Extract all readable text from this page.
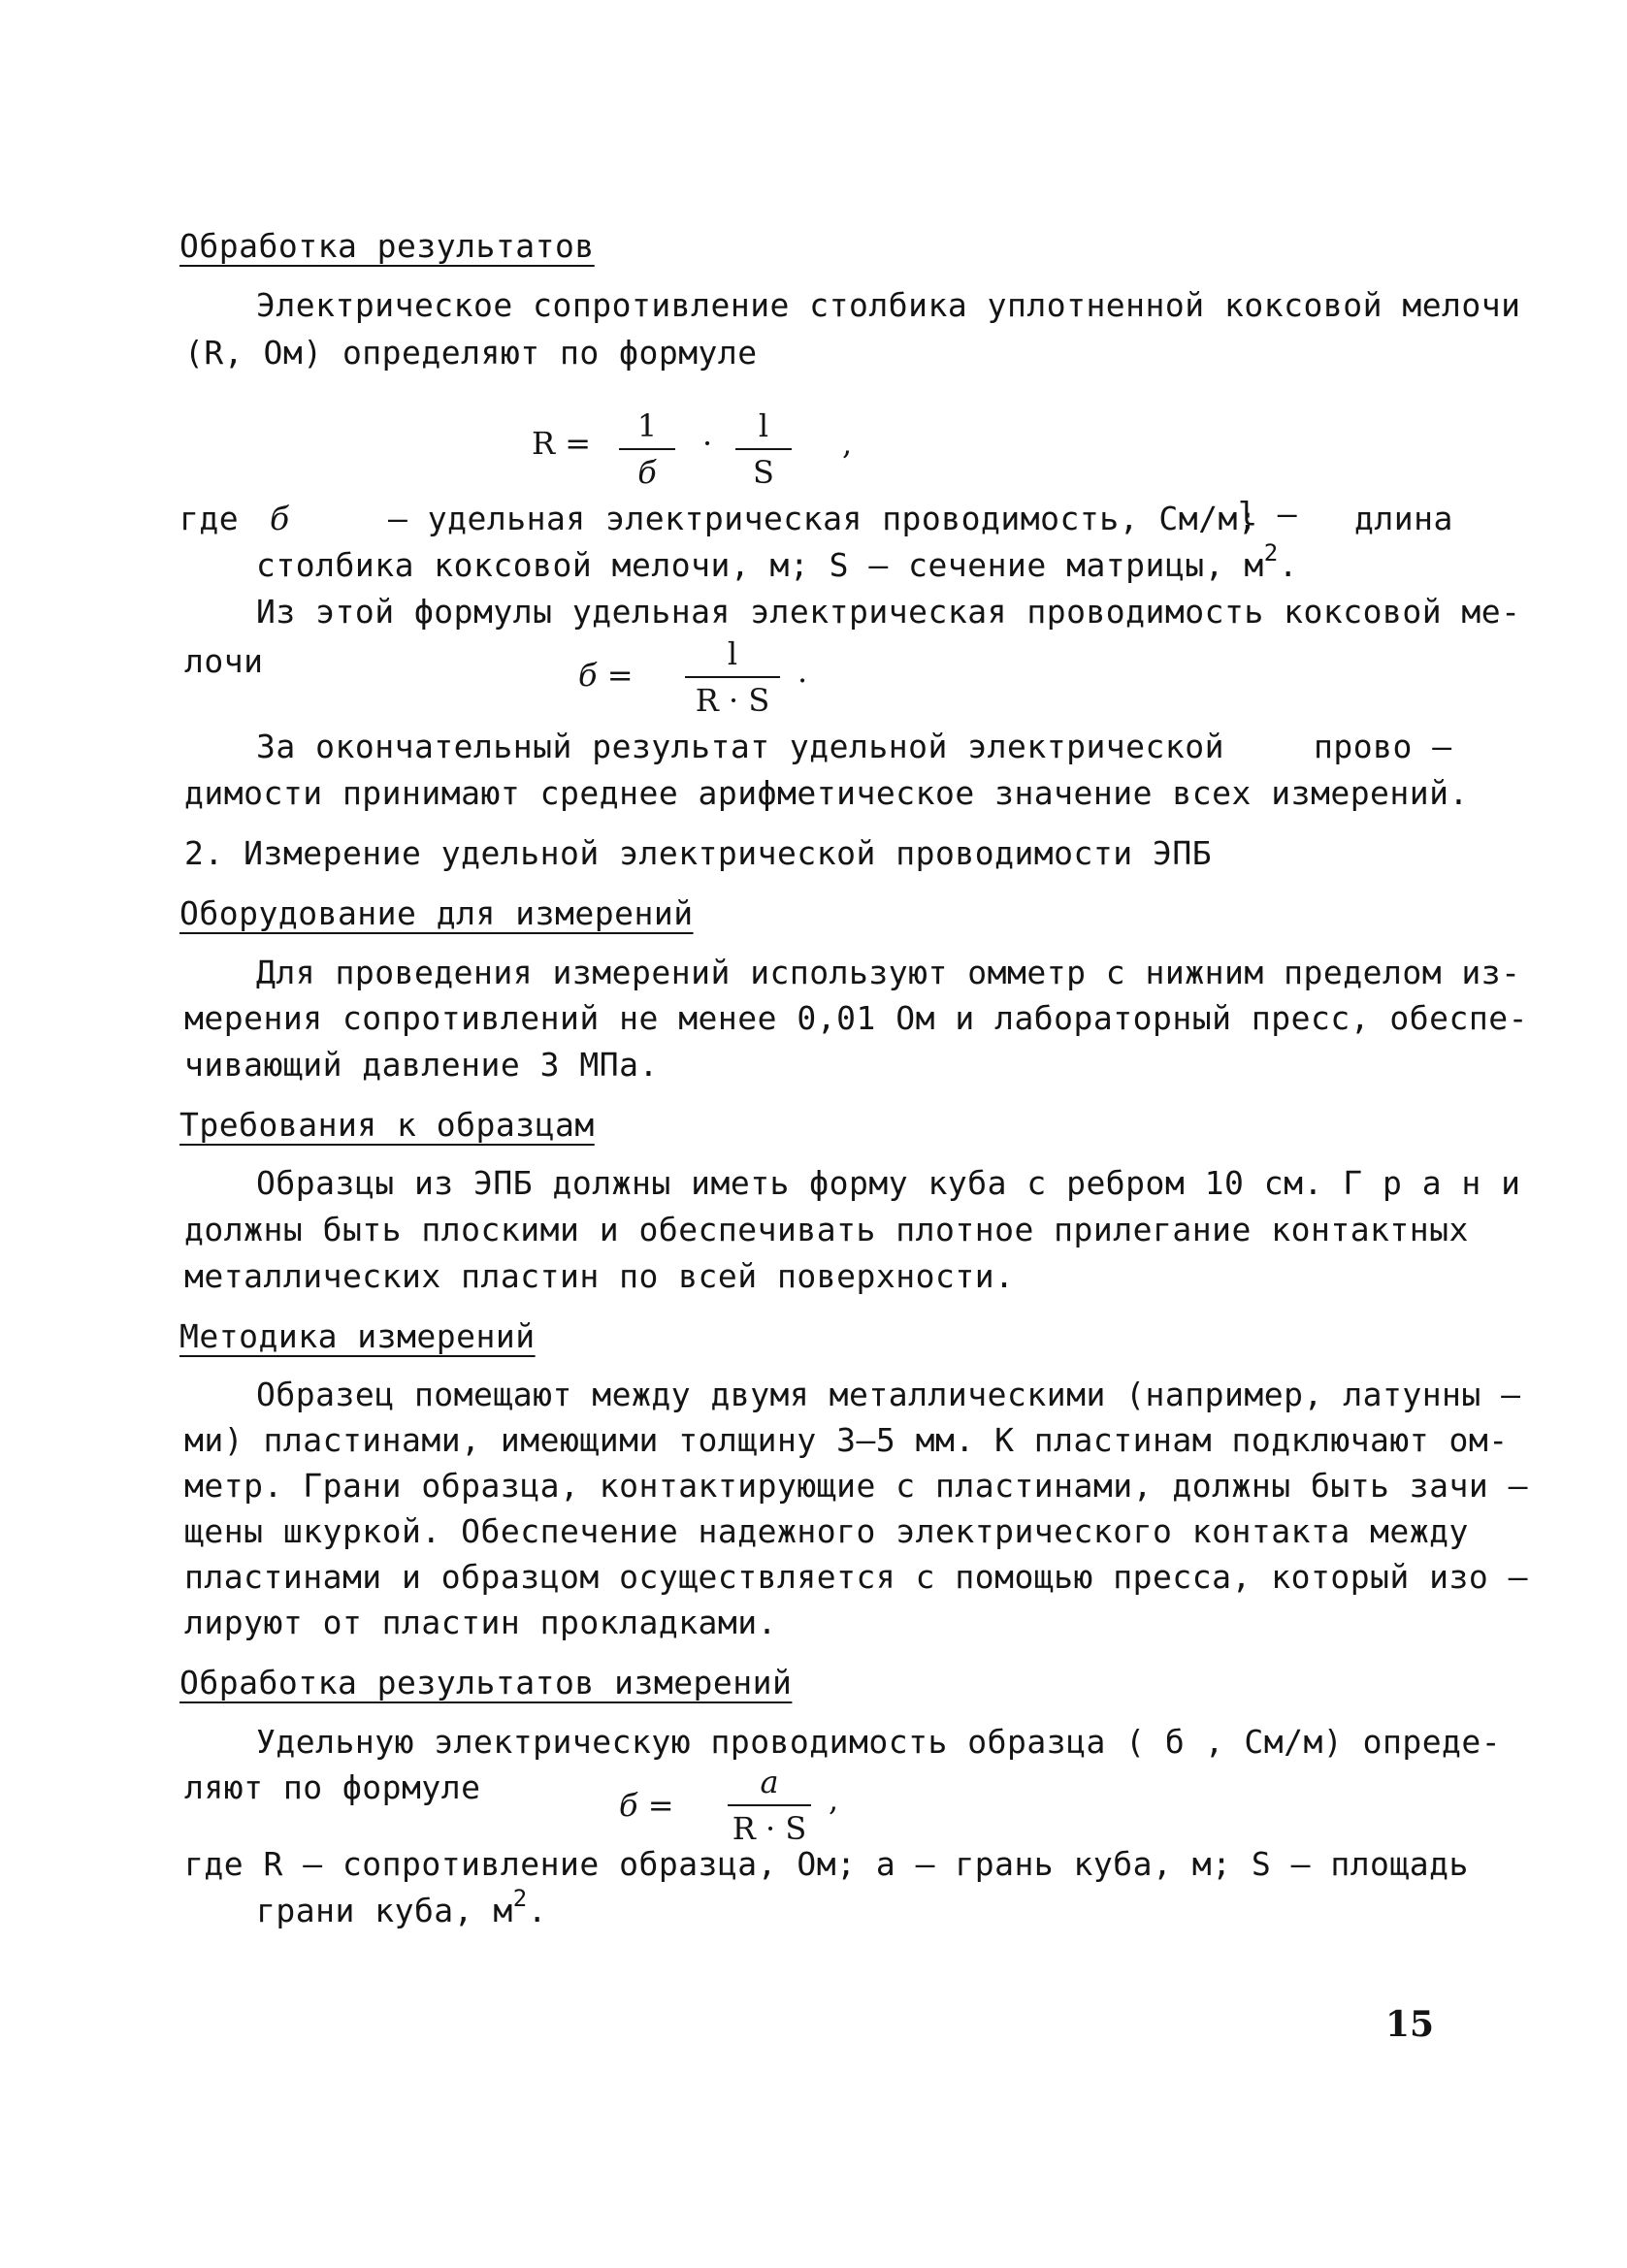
Обработка результатов
Электрическое сопротивление столбика уплотненной коксовой мелочи
(R, Ом) определяют по формуле
R =	1
б
·	l
S
,
где б	– удельная электрическая проводимость, См/м;
l – длина
столбика коксовой мелочи, м; S – сечение матрицы, $м^2$.
Из этой формулы удельная электрическая проводимость коксовой ме-
лочи	б =
l
R · S
.
За окончательный результат удельной электрической	прово –
димости принимают среднее арифметическое значение всех измерений.
2. Измерение удельной электрической проводимости ЭПБ
Оборудование для измерений
Для проведения измерений используют омметр с нижним пределом из-
мерения сопротивлений не менее 0,01 Ом и лабораторный пресс, обеспе-
чивающий давление 3 МПа.
Требования к образцам
Образцы из ЭПБ должны иметь форму куба с ребром 10 см. Г р а н и
должны быть плоскими и обеспечивать плотное прилегание контактных
металлических пластин по всей поверхности.
Методика измерений
Образец помещают между двумя металлическими (например, латунны –
ми) пластинами, имеющими толщину 3–5 мм. К пластинам подключают ом-
метр. Грани образца, контактирующие с пластинами, должны быть зачи –
щены шкуркой. Обеспечение надежного электрического контакта между
пластинами и образцом осуществляется с помощью пресса, который изо –
лируют от пластин прокладками.
Обработка результатов измерений
Удельную электрическую проводимость образца ( б , См/м) опреде-
ляют по формуле	б =
a
R · S
,
где R – сопротивление образца, Ом; a – грань куба, м; S – площадь
грани куба, $м^2$.
15
